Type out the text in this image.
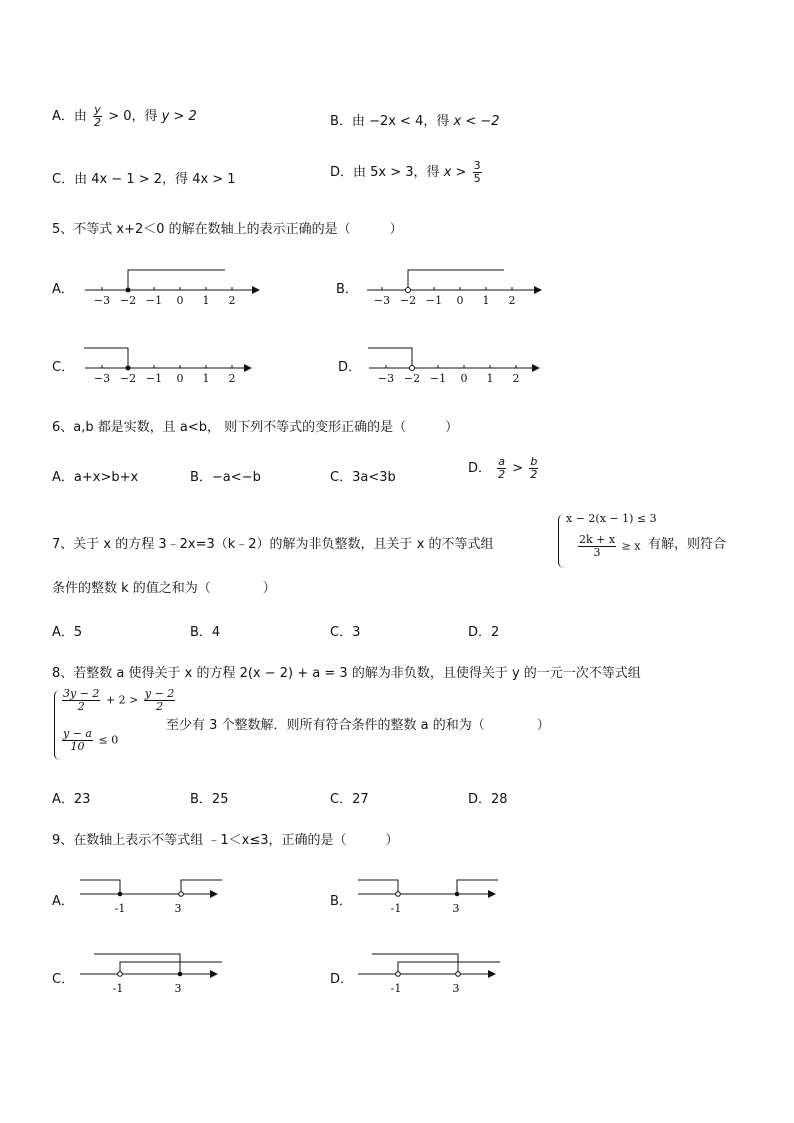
A．由 $\frac{y}{2} > 0$，得 y > 2	B．由 −2x < 4，得 x < −2
C．由 4x − 1 > 2，得 4x > 1	D．由 5x > 3，得 $x > \frac{3}{5}$
5、不等式 x+2＜0 的解在数轴上的表示正确的是（　　　）
A．
−3 −2 −1 0 1 2
B．
−3 −2 −1 0 1 2
C．
−3 −2 −1 0 1 2
D．
−3 −2 −1 0 1 2
6、a,b 都是实数，且 a<b， 则下列不等式的变形正确的是（　　　）
A．a+x>b+x	B．−a<−b	C．3a<3b
D． $\frac{a}{2} > \frac{b}{2}$
7、关于 x 的方程 3﹣2x=3（k﹣2）的解为非负整数，且关于 x 的不等式组
x − 2(x − 1) ≤ 3
$\frac{2k + x}{3} \ge x$ 有解，则符合
条件的整数 k 的值之和为（　　　　）
A．5	B．4	C．3	D．2
8、若整数 a 使得关于 x 的方程 2(x − 2) + a = 3 的解为非负数，且使得关于 y 的一元一次不等式组
$\frac{3y - 2}{2} + 2 > \frac{y - 2}{2}$
$\frac{y - a}{10} \le 0$
至少有 3 个整数解．则所有符合条件的整数 a 的和为（　　　　）
A．23	B．25	C．27	D．28
9、在数轴上表示不等式组 ﹣1＜x≤3，正确的是（　　　）
A．	-1	3	B．	-1	3
C．
-1	3
D．
-1	3
